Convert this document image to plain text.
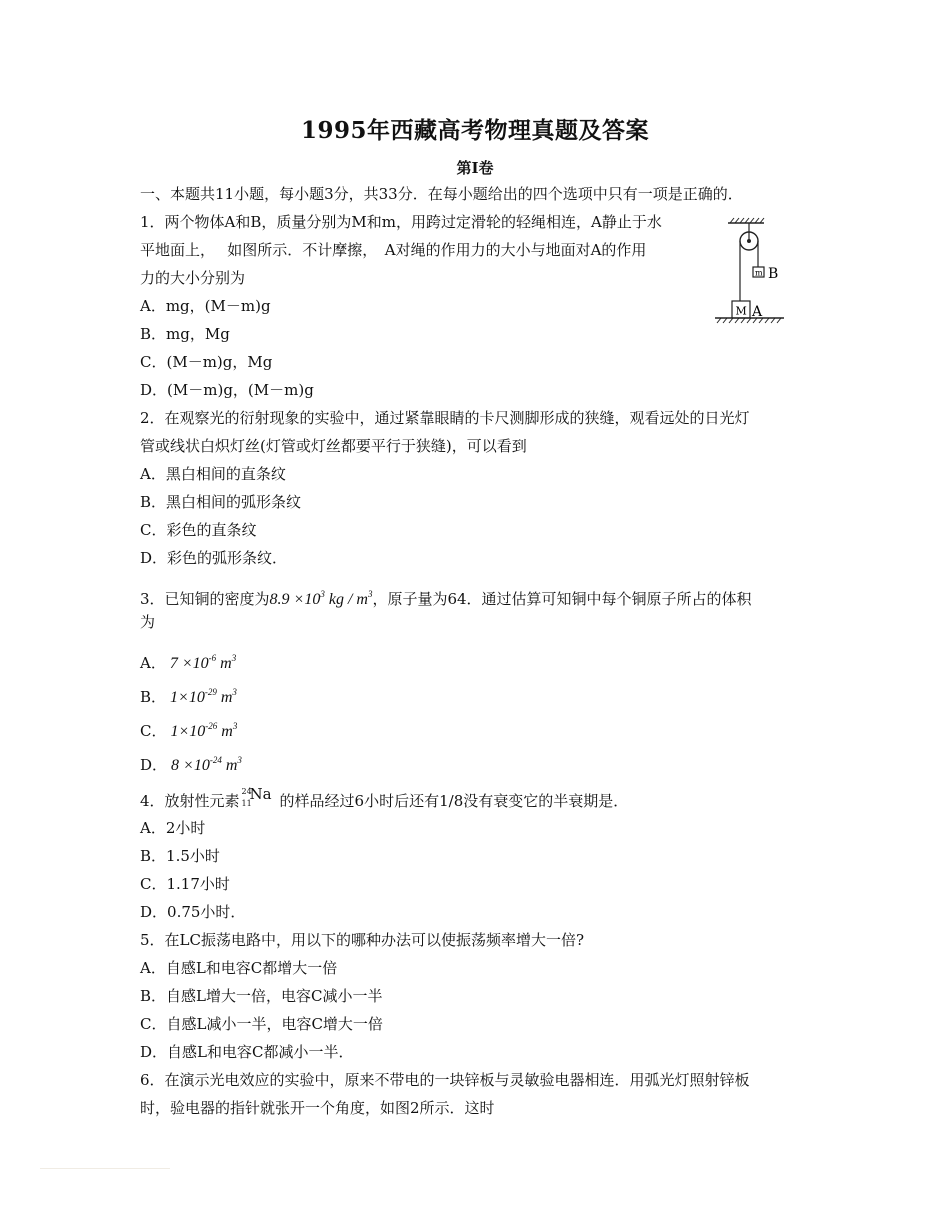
1995年西藏高考物理真题及答案
第Ⅰ卷
一、本题共11小题，每小题3分，共33分．在每小题给出的四个选项中只有一项是正确的．
1．两个物体A和B，质量分别为M和m，用跨过定滑轮的轻绳相连，A静止于水
平地面上，　 如图所示．不计摩擦，　A对绳的作用力的大小与地面对A的作用
力的大小分别为
A．mg，(M－m)g
B．mg，Mg
C．(M－m)g，Mg
D．(M－m)g，(M－m)g
m B
M A
2．在观察光的衍射现象的实验中，通过紧靠眼睛的卡尺测脚形成的狭缝，观看远处的日光灯
管或线状白炽灯丝(灯管或灯丝都要平行于狭缝)，可以看到
A．黑白相间的直条纹
B．黑白相间的弧形条纹
C．彩色的直条纹
D．彩色的弧形条纹．
3．已知铜的密度为$8.9 \times 10^3$ kg / $m^3$，原子量为64．通过估算可知铜中每个铜原子所占的体积
为
A． $7 \times 10^{-6}$ $m^3$
B． $1\times 10^{-29}$ $m^3$
C． $1\times 10^{-26}$ $m^3$
D． $8 \times 10^{-24}$ $m^3$
4．放射性元素
24
11
Na 的样品经过6小时后还有1/8没有衰变它的半衰期是．
A．2小时
B．1.5小时
C．1.17小时
D．0.75小时．
5．在LC振荡电路中，用以下的哪种办法可以使振荡频率增大一倍?
A．自感L和电容C都增大一倍
B．自感L增大一倍，电容C减小一半
C．自感L减小一半，电容C增大一倍
D．自感L和电容C都减小一半．
6．在演示光电效应的实验中，原来不带电的一块锌板与灵敏验电器相连．用弧光灯照射锌板
时，验电器的指针就张开一个角度，如图2所示．这时
